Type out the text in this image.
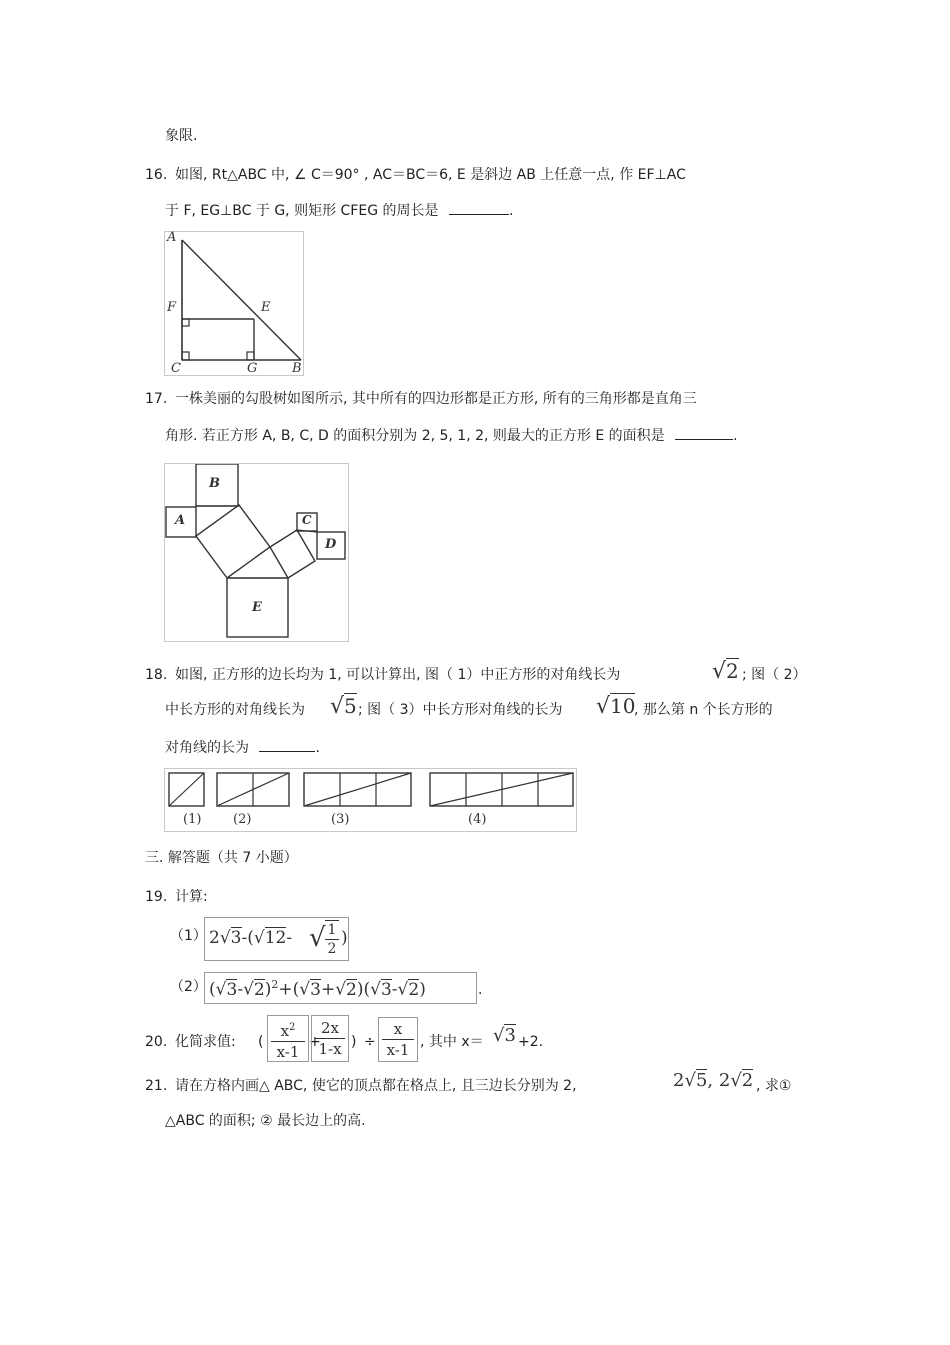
象限.
16. 如图, Rt△ABC 中, ∠ C＝90° , AC＝BC＝6, E 是斜边 AB 上任意一点, 作 EF⊥AC
于 F, EG⊥BC 于 G, 则矩形 CFEG 的周长是	.
A
F	E
C	G	B
17. 一株美丽的勾股树如图所示, 其中所有的四边形都是正方形, 所有的三角形都是直角三
角形. 若正方形 A, B, C, D 的面积分别为 2, 5, 1, 2, 则最大的正方形 E 的面积是	.
B
A	C
D
E
18. 如图, 正方形的边长均为 1, 可以计算出, 图（ 1）中正方形的对角线长为	√2 ; 图（ 2）
中长方形的对角线长为 √5 ; 图（ 3）中长方形对角线的长为 √10
, 那么第 n 个长方形的
对角线的长为	.
(1) (2)	(3)	(4)
三. 解答题（共 7 小题）
19. 计算:
（1） 2√3-(√12- √ $\frac{1}{2}$ )
（2） $(√3-√2)^2+(√3+√2)(√3-√2)$	.
20. 化简求值: (
$x^2$
x-1
+
$\frac{2x}{1-x}$ ) ÷ $\frac{x}{x-1}$ , 其中 x＝ √3 +2.
21. 请在方格内画△ ABC, 使它的顶点都在格点上, 且三边长分别为 2,	2√5, 2√2 , 求①
△ABC 的面积; ② 最长边上的高.
